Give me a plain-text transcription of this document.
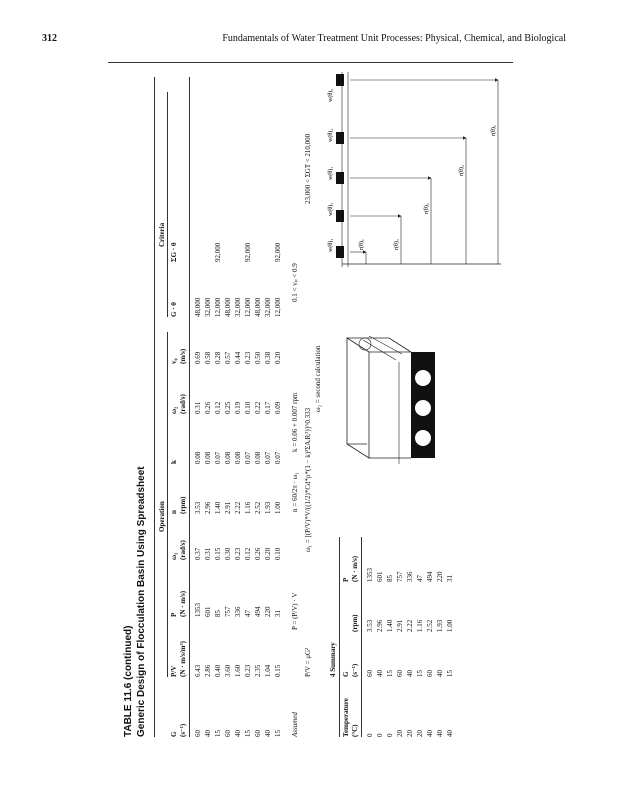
312	Fundamentals of Water Treatment Unit Processes: Physical, Chemical, and Biological
TABLE 11.6 (continued) Generic Design of Flocculation Basin Using Spreadsheet Operation
Criteria
G (s⁻¹)
P/V (N · m/s/m³)
P (N · m/s)
ω₁ (rad/s)
n (rpm)
k
ω₂ (rad/s)
v₀ (m/s)
G · θ
ΣG · θ
60
6.43
1353
0.37
3.53
0.08
0.31
0.69
48,000
40
2.86
601
0.31
2.96
0.08
0.26
0.58
32,000
15
0.40
85
0.15
1.40
0.07
0.12
0.28
12,000
92,000
60
3.60
757
0.30
2.91
0.08
0.25
0.57
48,000
40
1.60
336
0.23
2.22
0.08
0.19
0.44
32,000
15
0.23
47
0.12
1.16
0.07
0.10
0.23
12,000
92,000
60
2.35
494
0.26
2.52
0.08
0.22
0.50
48,000
40
1.04
220
0.20
1.93
0.07
0.17
0.38
32,000
15
0.15
31
0.10
1.00
0.07
0.09
0.20
12,000
92,000
Assumed
P/V = μG²
P = (P/V) · V
n = 60/2π · ω₁
k = 0.06 + 0.007 rpm ω₁ = [(P/V)*V/((1/2)*Cd*ρ*(1 − k)³ΣAᵢRᵢ³)]^0.333
ω₂ = second calculation
0.1 < vₚ < 0.9
23,000 < ΣGT < 210,000
4 Summary
Temperature (°C)
G (s⁻¹)
(rpm)
P (N · m/s)
0
60
3.53
1353
0
40
2.96
601
0
15
1.40
85
20
60
2.91
757
20
40
2.22
336
20
15
1.16
47
40
60
2.52
494
40
40
1.93
220
40
15
1.00
31
w(θ)₁
w(θ)₂
w(θ)₃
w(θ)₄
w(θ)₅
r(θ)₁	r(θ)₂
r(θ)₃
r(θ)₄
r(θ)₅
